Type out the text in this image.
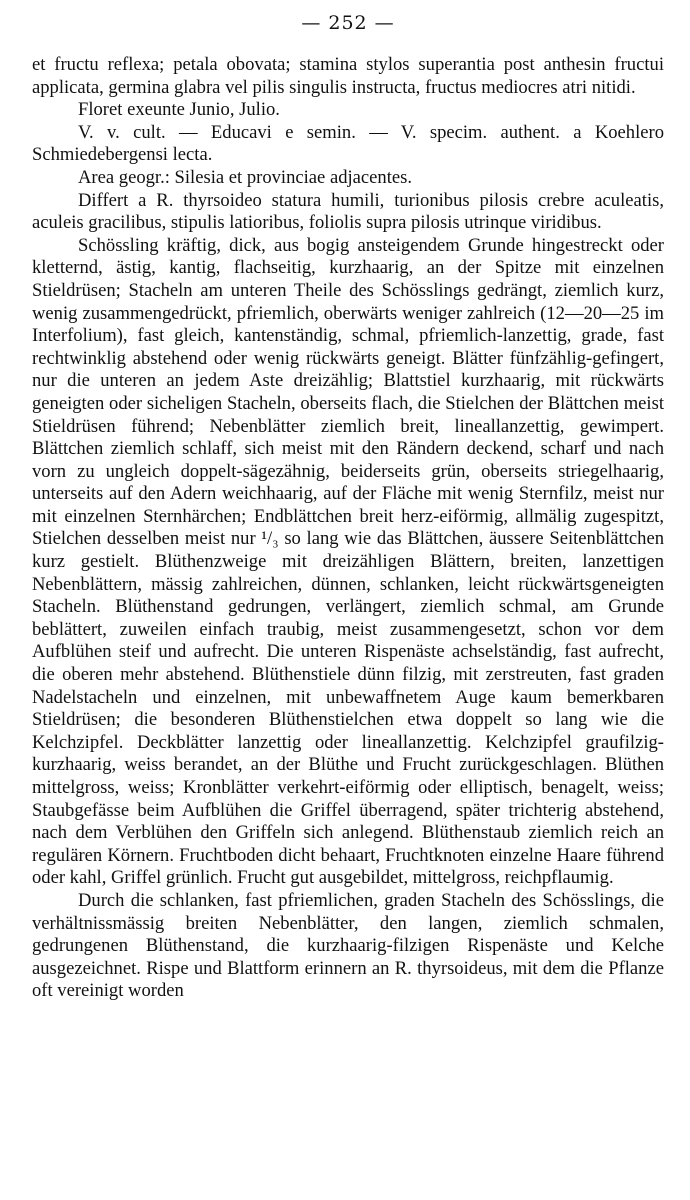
— 252 —

et fructu reflexa; petala obovata; stamina stylos superantia post anthesin fructui applicata, germina glabra vel pilis singulis instructa, fructus mediocres atri nitidi.

Floret exeunte Junio, Julio.

V. v. cult. — Educavi e semin. — V. specim. authent. a Koehlero Schmiedebergensi lecta.

Area geogr.: Silesia et provinciae adjacentes.

Differt a R. thyrsoideo statura humili, turionibus pilosis crebre aculeatis, aculeis gracilibus, stipulis latioribus, foliolis supra pilosis utrinque viridibus.

Schössling kräftig, dick, aus bogig ansteigendem Grunde hingestreckt oder kletternd, ästig, kantig, flachseitig, kurzhaarig, an der Spitze mit einzelnen Stieldrüsen; Stacheln am unteren Theile des Schösslings gedrängt, ziemlich kurz, wenig zusammengedrückt, pfriemlich, oberwärts weniger zahlreich (12—20—25 im Interfolium), fast gleich, kantenständig, schmal, pfriemlich-lanzettig, grade, fast rechtwinklig abstehend oder wenig rückwärts geneigt. Blätter fünfzählig-gefingert, nur die unteren an jedem Aste dreizählig; Blattstiel kurzhaarig, mit rückwärts geneigten oder sicheligen Stacheln, oberseits flach, die Stielchen der Blättchen meist Stieldrüsen führend; Nebenblätter ziemlich breit, lineallanzettig, gewimpert. Blättchen ziemlich schlaff, sich meist mit den Rändern deckend, scharf und nach vorn zu ungleich doppelt-sägezähnig, beiderseits grün, oberseits striegelhaarig, unterseits auf den Adern weichhaarig, auf der Fläche mit wenig Sternfilz, meist nur mit einzelnen Sternhärchen; Endblättchen breit herz-eiförmig, allmälig zugespitzt, Stielchen desselben meist nur ¹/₃ so lang wie das Blättchen, äussere Seitenblättchen kurz gestielt. Blüthenzweige mit dreizähligen Blättern, breiten, lanzettigen Nebenblättern, mässig zahlreichen, dünnen, schlanken, leicht rückwärtsgeneigten Stacheln. Blüthenstand gedrungen, verlängert, ziemlich schmal, am Grunde beblättert, zuweilen einfach traubig, meist zusammengesetzt, schon vor dem Aufblühen steif und aufrecht. Die unteren Rispenäste achselständig, fast aufrecht, die oberen mehr abstehend. Blüthenstiele dünn filzig, mit zerstreuten, fast graden Nadelstacheln und einzelnen, mit unbewaffnetem Auge kaum bemerkbaren Stieldrüsen; die besonderen Blüthenstielchen etwa doppelt so lang wie die Kelchzipfel. Deckblätter lanzettig oder lineallanzettig. Kelchzipfel graufilzig-kurzhaarig, weiss berandet, an der Blüthe und Frucht zurückgeschlagen. Blüthen mittelgross, weiss; Kronblätter verkehrt-eiförmig oder elliptisch, benagelt, weiss; Staubgefässe beim Aufblühen die Griffel überragend, später trichterig abstehend, nach dem Verblühen den Griffeln sich anlegend. Blüthenstaub ziemlich reich an regulären Körnern. Fruchtboden dicht behaart, Fruchtknoten einzelne Haare führend oder kahl, Griffel grünlich. Frucht gut ausgebildet, mittelgross, reichpflaumig.

Durch die schlanken, fast pfriemlichen, graden Stacheln des Schösslings, die verhältnissmässig breiten Nebenblätter, den langen, ziemlich schmalen, gedrungenen Blüthenstand, die kurzhaarig-filzigen Rispenäste und Kelche ausgezeichnet. Rispe und Blattform erinnern an R. thyrsoideus, mit dem die Pflanze oft vereinigt worden
